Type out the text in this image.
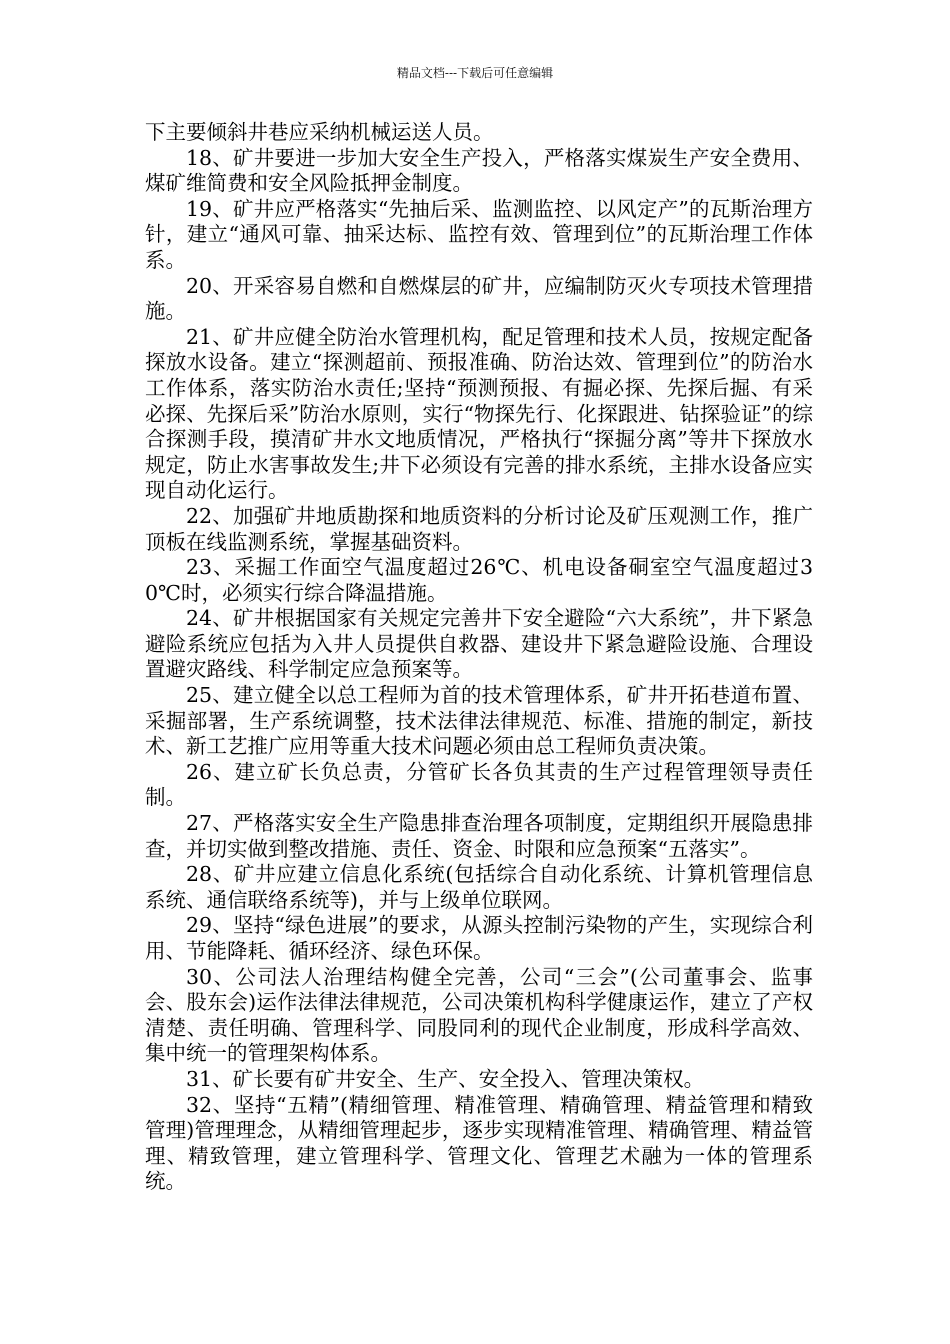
精品文档---下载后可任意编辑

下主要倾斜井巷应采纳机械运送人员。

18、矿井要进一步加大安全生产投入，严格落实煤炭生产安全费用、煤矿维简费和安全风险抵押金制度。

19、矿井应严格落实“先抽后采、监测监控、以风定产”的瓦斯治理方针，建立“通风可靠、抽采达标、监控有效、管理到位”的瓦斯治理工作体系。

20、开采容易自燃和自燃煤层的矿井，应编制防灭火专项技术管理措施。

21、矿井应健全防治水管理机构，配足管理和技术人员，按规定配备探放水设备。建立“探测超前、预报准确、防治达效、管理到位”的防治水工作体系，落实防治水责任;坚持“预测预报、有掘必探、先探后掘、有采必探、先探后采”防治水原则，实行“物探先行、化探跟进、钻探验证”的综合探测手段，摸清矿井水文地质情况，严格执行“探掘分离”等井下探放水规定，防止水害事故发生;井下必须设有完善的排水系统，主排水设备应实现自动化运行。

22、加强矿井地质勘探和地质资料的分析讨论及矿压观测工作，推广顶板在线监测系统，掌握基础资料。

23、采掘工作面空气温度超过26℃、机电设备硐室空气温度超过30℃时，必须实行综合降温措施。

24、矿井根据国家有关规定完善井下安全避险“六大系统”，井下紧急避险系统应包括为入井人员提供自救器、建设井下紧急避险设施、合理设置避灾路线、科学制定应急预案等。

25、建立健全以总工程师为首的技术管理体系，矿井开拓巷道布置、采掘部署，生产系统调整，技术法律法律规范、标准、措施的制定，新技术、新工艺推广应用等重大技术问题必须由总工程师负责决策。

26、建立矿长负总责，分管矿长各负其责的生产过程管理领导责任制。

27、严格落实安全生产隐患排查治理各项制度，定期组织开展隐患排查，并切实做到整改措施、责任、资金、时限和应急预案“五落实”。

28、矿井应建立信息化系统(包括综合自动化系统、计算机管理信息系统、通信联络系统等)，并与上级单位联网。

29、坚持“绿色进展”的要求，从源头控制污染物的产生，实现综合利用、节能降耗、循环经济、绿色环保。

30、公司法人治理结构健全完善，公司“三会”(公司董事会、监事会、股东会)运作法律法律规范，公司决策机构科学健康运作，建立了产权清楚、责任明确、管理科学、同股同利的现代企业制度，形成科学高效、集中统一的管理架构体系。

31、矿长要有矿井安全、生产、安全投入、管理决策权。

32、坚持“五精”(精细管理、精准管理、精确管理、精益管理和精致管理)管理理念，从精细管理起步，逐步实现精准管理、精确管理、精益管理、精致管理，建立管理科学、管理文化、管理艺术融为一体的管理系统。
